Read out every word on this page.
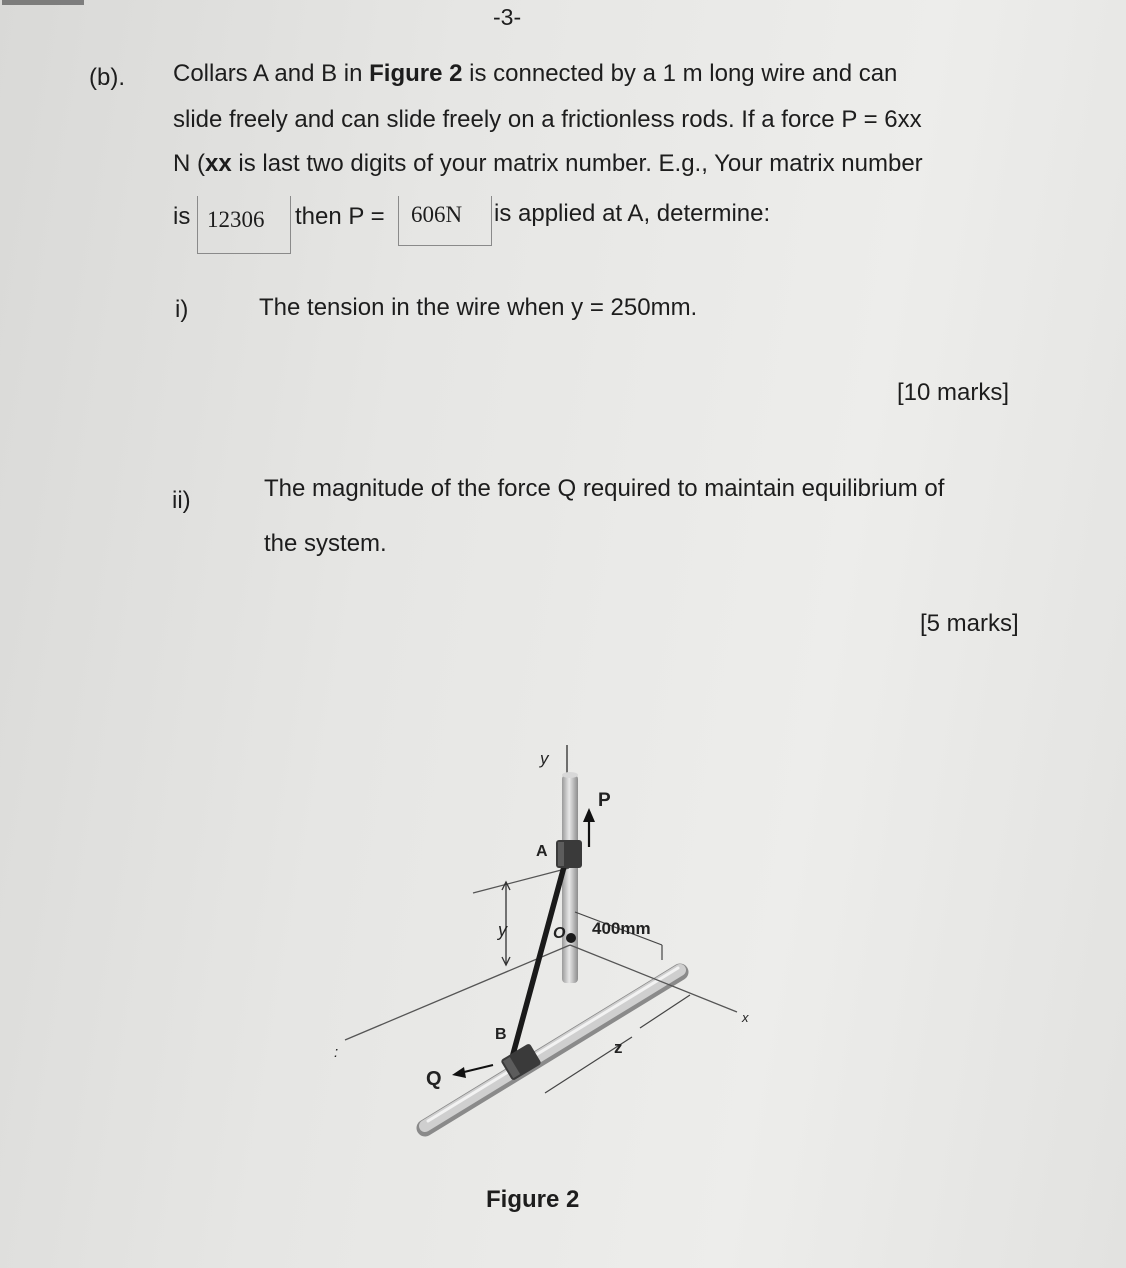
-3-
(b). Collars A and B in Figure 2 is connected by a 1 m long wire and can
slide freely and can slide freely on a frictionless rods. If a force P = 6xx
N (xx is last two digits of your matrix number. E.g., Your matrix number
is 12306 then P = 606N is applied at A, determine:
i)	The tension in the wire when y = 250mm.
[10 marks]
ii)	The magnitude of the force Q required to maintain equilibrium of
the system.
[5 marks]
y
P
A
y	O 400mm
x
B
z
Q
:
Figure 2
